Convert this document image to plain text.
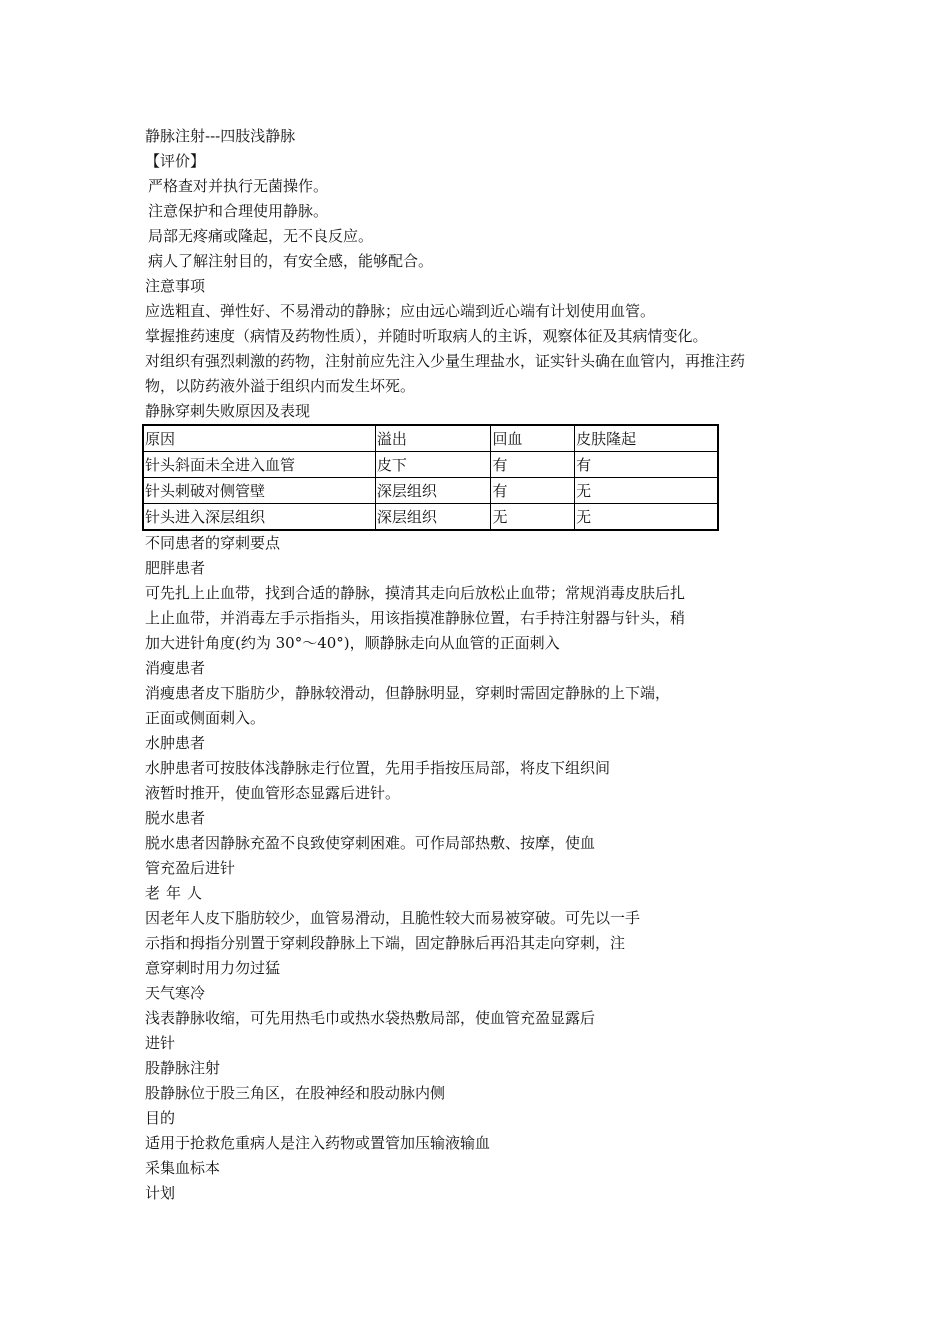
静脉注射---四肢浅静脉
【评价】
严格查对并执行无菌操作。
注意保护和合理使用静脉。
局部无疼痛或隆起，无不良反应。
病人了解注射目的，有安全感，能够配合。
注意事项
应选粗直、弹性好、不易滑动的静脉；应由远心端到近心端有计划使用血管。
掌握推药速度（病情及药物性质），并随时听取病人的主诉，观察体征及其病情变化。
对组织有强烈刺激的药物，注射前应先注入少量生理盐水，证实针头确在血管内，再推注药
物，以防药液外溢于组织内而发生坏死。
静脉穿刺失败原因及表现
原因	溢出	回血	皮肤隆起
针头斜面未全进入血管	皮下	有	有
针头刺破对侧管壁	深层组织	有	无
针头进入深层组织	深层组织	无	无
不同患者的穿刺要点
肥胖患者
可先扎上止血带，找到合适的静脉，摸清其走向后放松止血带；常规消毒皮肤后扎
上止血带，并消毒左手示指指头，用该指摸准静脉位置，右手持注射器与针头，稍
加大进针角度(约为 30°～40°)，顺静脉走向从血管的正面刺入
消瘦患者
消瘦患者皮下脂肪少，静脉较滑动，但静脉明显，穿刺时需固定静脉的上下端，
正面或侧面刺入。
水肿患者
水肿患者可按肢体浅静脉走行位置，先用手指按压局部，将皮下组织间
液暂时推开，使血管形态显露后进针。
脱水患者
脱水患者因静脉充盈不良致使穿刺困难。可作局部热敷、按摩，使血
管充盈后进针
老年人
因老年人皮下脂肪较少，血管易滑动，且脆性较大而易被穿破。可先以一手
示指和拇指分别置于穿刺段静脉上下端，固定静脉后再沿其走向穿刺，注
意穿刺时用力勿过猛
天气寒冷
浅表静脉收缩，可先用热毛巾或热水袋热敷局部，使血管充盈显露后
进针
股静脉注射
股静脉位于股三角区，在股神经和股动脉内侧
目的
适用于抢救危重病人是注入药物或置管加压输液输血
采集血标本
计划
